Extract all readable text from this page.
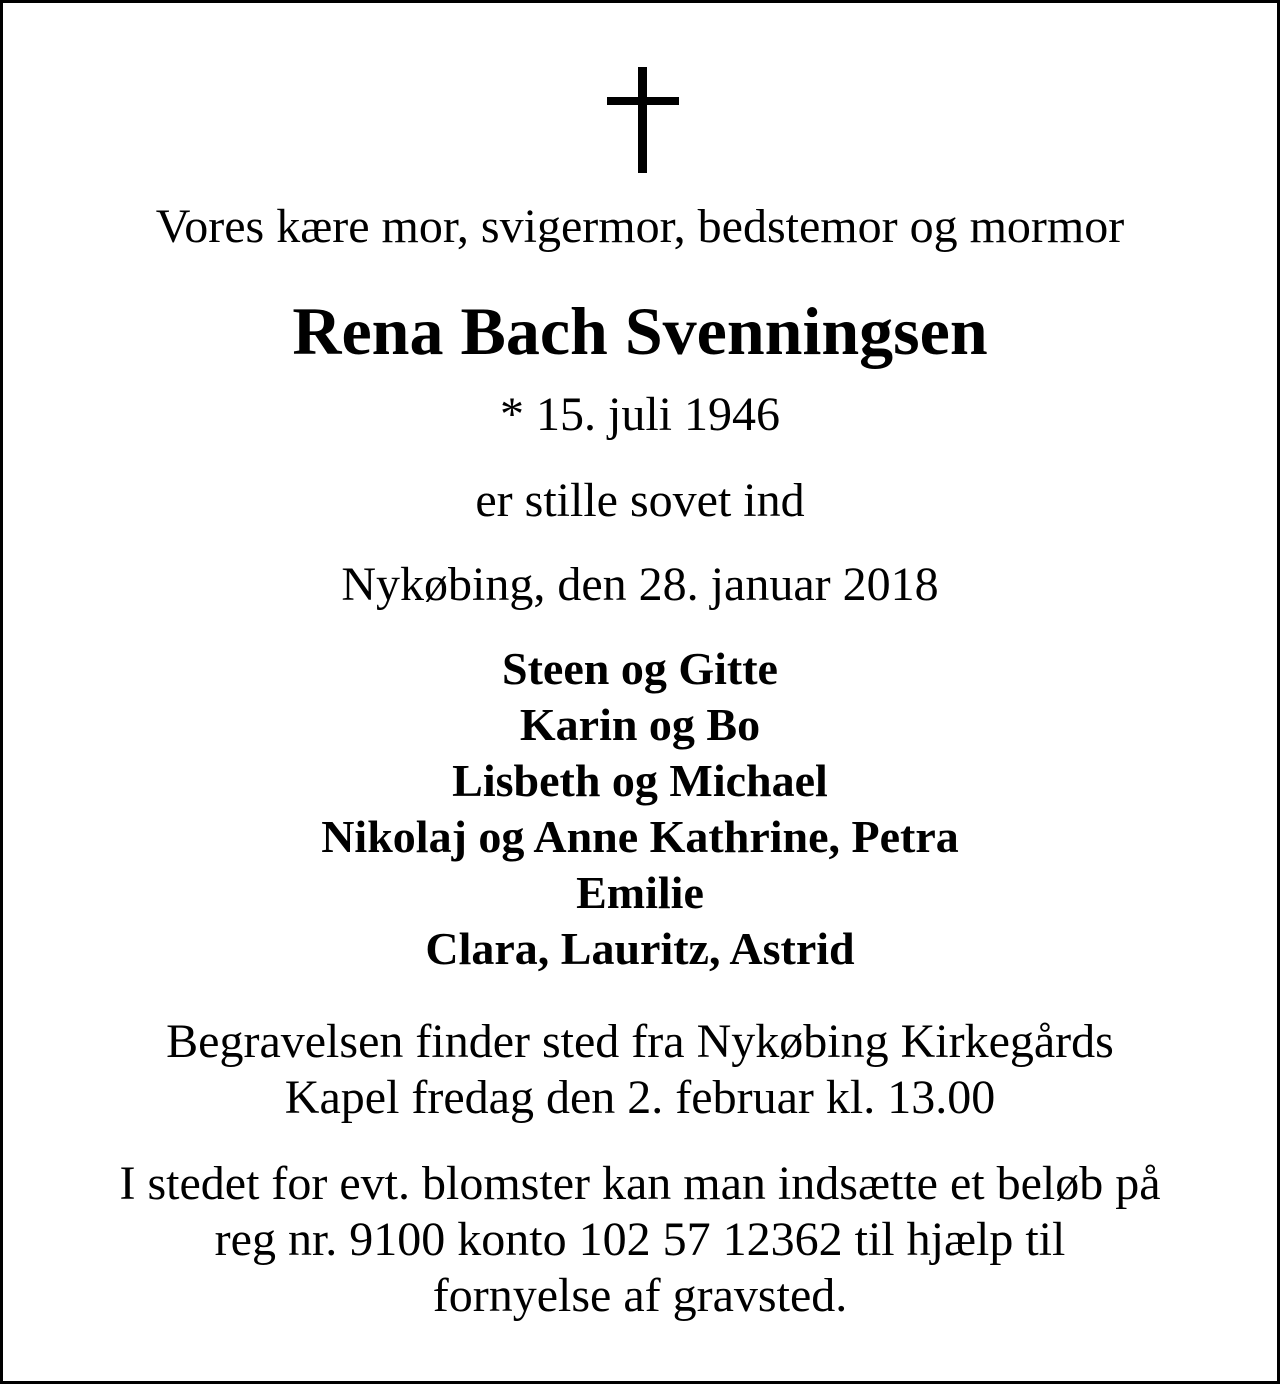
Vores kære mor, svigermor, bedstemor og mormor
Rena Bach Svenningsen
* 15. juli 1946
er stille sovet ind
Nykøbing, den 28. januar 2018
Steen og Gitte
Karin og Bo
Lisbeth og Michael
Nikolaj og Anne Kathrine, Petra
Emilie
Clara, Lauritz, Astrid
Begravelsen finder sted fra Nykøbing Kirkegårds
Kapel fredag den 2. februar kl. 13.00
I stedet for evt. blomster kan man indsætte et beløb på
reg nr. 9100 konto 102 57 12362 til hjælp til
fornyelse af gravsted.
